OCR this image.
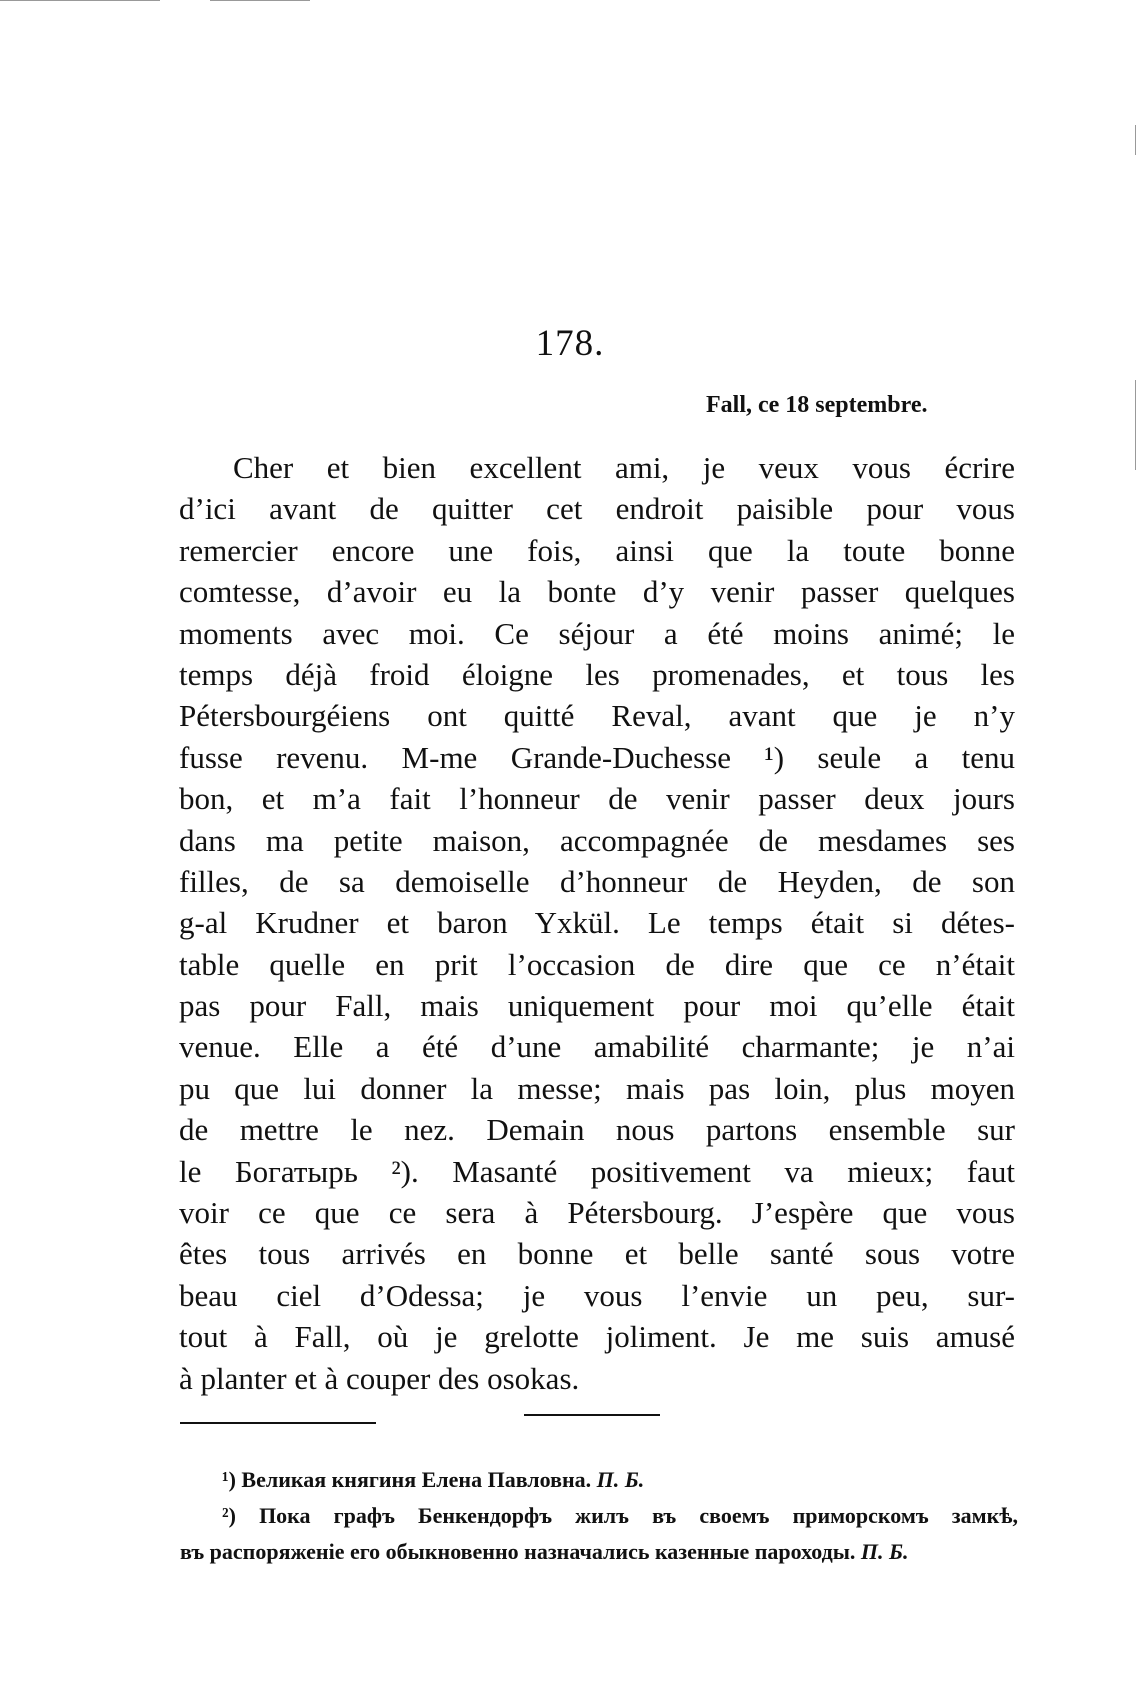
178.
Fall, ce 18 septembre.
Cher et bien excellent ami, je veux vous écrire
d’ici avant de quitter cet endroit paisible pour vous
remercier encore une fois, ainsi que la toute bonne
comtesse, d’avoir eu la bonte d’y venir passer quelques
moments avec moi. Ce séjour a été moins animé; le
temps déjà froid éloigne les promenades, et tous les
Pétersbourgéiens ont quitté Reval, avant que je n’y
fusse revenu. M-me Grande-Duchesse ¹) seule a tenu
bon, et m’a fait l’honneur de venir passer deux jours
dans ma petite maison, accompagnée de mesdames ses
filles, de sa demoiselle d’honneur de Heyden, de son
g-al Krudner et baron Yxkül. Le temps était si détes-
table quelle en prit l’occasion de dire que ce n’était
pas pour Fall, mais uniquement pour moi qu’elle était
venue. Elle a été d’une amabilité charmante; je n’ai
pu que lui donner la messe; mais pas loin, plus moyen
de mettre le nez. Demain nous partons ensemble sur
le Богатырь ²). Masanté positivement va mieux; faut
voir ce que ce sera à Pétersbourg. J’espère que vous
êtes tous arrivés en bonne et belle santé sous votre
beau ciel d’Odessa; je vous l’envie un peu, sur-
tout à Fall, où je grelotte joliment. Je me suis amusé
à planter et à couper des osokas.
¹) Великая княгиня Елена Павловна. П. Б.
²) Пока графъ Бенкендорфъ жилъ въ своемъ приморскомъ замкѣ,
въ распоряженіе его обыкновенно назначались казенные пароходы. П. Б.
